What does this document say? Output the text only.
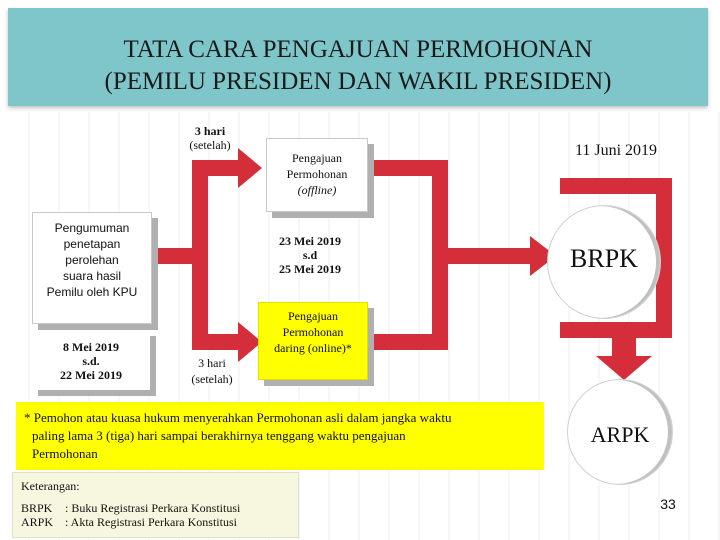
TATA CARA PENGAJUAN PERMOHONAN
(PEMILU PRESIDEN DAN WAKIL PRESIDEN)
Pengumuman
penetapan
perolehan
suara hasil
Pemilu oleh KPU
8 Mei 2019
s.d.
22 Mei 2019
3 hari
(setelah)
3 hari
(setelah)
Pengajuan
Permohonan
(offline)
23 Mei 2019
s.d
25 Mei 2019
Pengajuan
Permohonan
daring (online)*
11 Juni 2019
BRPK
ARPK
* Pemohon atau kuasa hukum menyerahkan Permohonan asli dalam jangka waktu
paling lama 3 (tiga) hari sampai berakhirnya tenggang waktu pengajuan
Permohonan
Keterangan:
BRPK : Buku Registrasi Perkara Konstitusi
ARPK : Akta Registrasi Perkara Konstitusi
33
